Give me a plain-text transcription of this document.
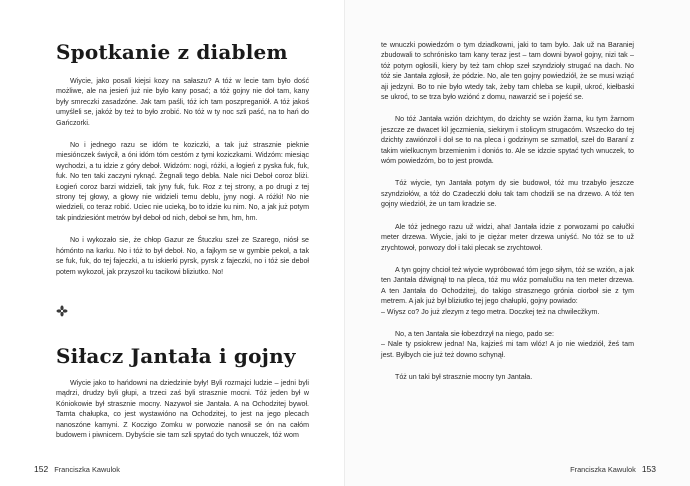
Spotkanie z diablem

Wiycie, jako posali kiejsi kozy na sałaszu? A tóż w lecie tam było dość możliwe, ale na jesień już nie było kany posać; a tóż gojny nie doł tam, kany były smreczki zasadzóne. Jak tam paśli, tóż ich tam poszpreganiół. A tóż jakoś umyśleli se, jakóż by też to było zrobić. No tóż w ty noc szli paść, na to hań do Gańczorki.

No i jednego razu se idóm te koziczki, a tak już strasznie pieknie miesiónczek świycił, a óni idóm tóm cestóm z tymi koziczkami. Widzóm: miesiąc wychodzi, a tu idzie z góry deboł. Widzóm: nogi, różki, a łogień z pyska fuk, fuk, fuk. No ten taki zaczyni ryknąć. Żegnali tego debła. Nale nici Deboł coroz bliżi. Łogień coroz barzi widzieli, tak jyny fuk, fuk. Roz z tej strony, a po drugi z tej strony tej głowy, a głowy nie widzieli temu deblu, jyny nogi. A różki! No nie wiedzieli, co teraz robić. Uciec nie ucieką, bo to idzie ku nim. No, a jak już potym tak pindziesiónt metrów był deboł od nich, deboł se hm, hm, hm.

No i wykozało sie, że chłop Gazur ze Śtuczku szeł ze Szarego, niósł se hómónto na karku. No i tóż to był deboł. No, a fajkym se w gymbie pekoł, a tak se fuk, fuk, do tej fajeczki, a tu iskierki pyrsk, pyrsk z fajeczki, no i tóż sie deboł potem wykozoł, jak przyszoł ku tacikowi bliziutko. No!

Siłacz Jantała i gojny

Wiycie jako to hańdowni na dziedzinie były! Byli rozmajci ludzie – jedni byli mądrzi, drudzy byli głupi, a trzeci zaś byli strasznie mocni. Tóż jeden był w Kóniokowie był strasznie mocny. Nazywoł sie Jantała. A na Ochodzitej bywoł. Tamta chałupka, co jest wystawióno na Ochodzitej, to jest na jego plecach nanoszóne kamyni. Z Koczigo Zomku w porwozie nanosił se ón na całóm budowem i piwnicem. Dybyście sie tam szli spytać do tych wnuczek, tóż wom

152 Franciszka Kawulok

te wnuczki powiedzóm o tym dziadkowni, jaki to tam było. Jak už na Baraniej zbudowali to schrónisko tam kany teraz jest – tam downi bywoł gojny, nizi tak – tóż potym ogłosili, kiery by też tam chłop szeł szyndzioły strugać na dach. No tóż sie Jantała zgłosił, że pódzie. No, ale ten gojny powiedziół, że se musi wziąć aji jedzyni. Bo to nie było wtedy tak, żeby tam chleba se kupił, ukroć, kiełbaski se ukroć, to se trza było wziónć z domu, nawarzić se i pojeść se.

No tóż Jantała wzión dzichtym, do dzichty se wzión žarna, ku tym žarnom jeszcze ze dwacet kil jęczmienia, siekirym i stolicym strugacóm. Wszecko do tej dzichty zawiónzoł i doł se to na pleca i godzinym se szmatloł, szeł do Baraní z takim wielkucnym brzemienim i doniós to. Ale se idzcie spytać tych wnuczek, to wóm powiedzóm, bo to jest prowda.

Tóż wiycie, tyn Jantała potym dy sie budowoł, tóż mu trzabyło jeszcze szyndziołów, a tóż do Czadeczki dołu tak tam chodzili se na drzewo. A tóż ten gojny wiedziół, że un tam kradzie se.

Ale tóż jednego razu už widzi, aha! Jantała idzie z porwozami po całučki meter drzewa. Wiycie, jaki to je ciężar meter drzewa uniyść. No tóż se to už zrychtowoł, porwozy doł i taki plecak se zrychtowoł.

A tyn gojny chcioł też wiycie wypróbować tóm jego siłym, tóż se wzión, a jak ten Jantała dźwignął to na pleca, tóż mu wlóz pomalučku na ten meter drzewa. A ten Jantała do Ochodzitej, do takigo strasznego grónia ciorboł sie z tym metrem. A jak już był bliziutko tej jego chałupki, gojny powiado:

– Wiysz co? Jo już zlezym z tego metra. Doczkej też na chwilecžkym.

No, a ten Jantała sie łobezdrzył na niego, pado se:

– Nale ty psiokrew jedna! Na, kajzieś mi tam wlóz! A jo nie wiedziół, žeś tam jest. Byłbych cie już też downo schynął.

Tóż un taki był strasznie mocny tyn Jantała.

Franciszka Kawulok 153
